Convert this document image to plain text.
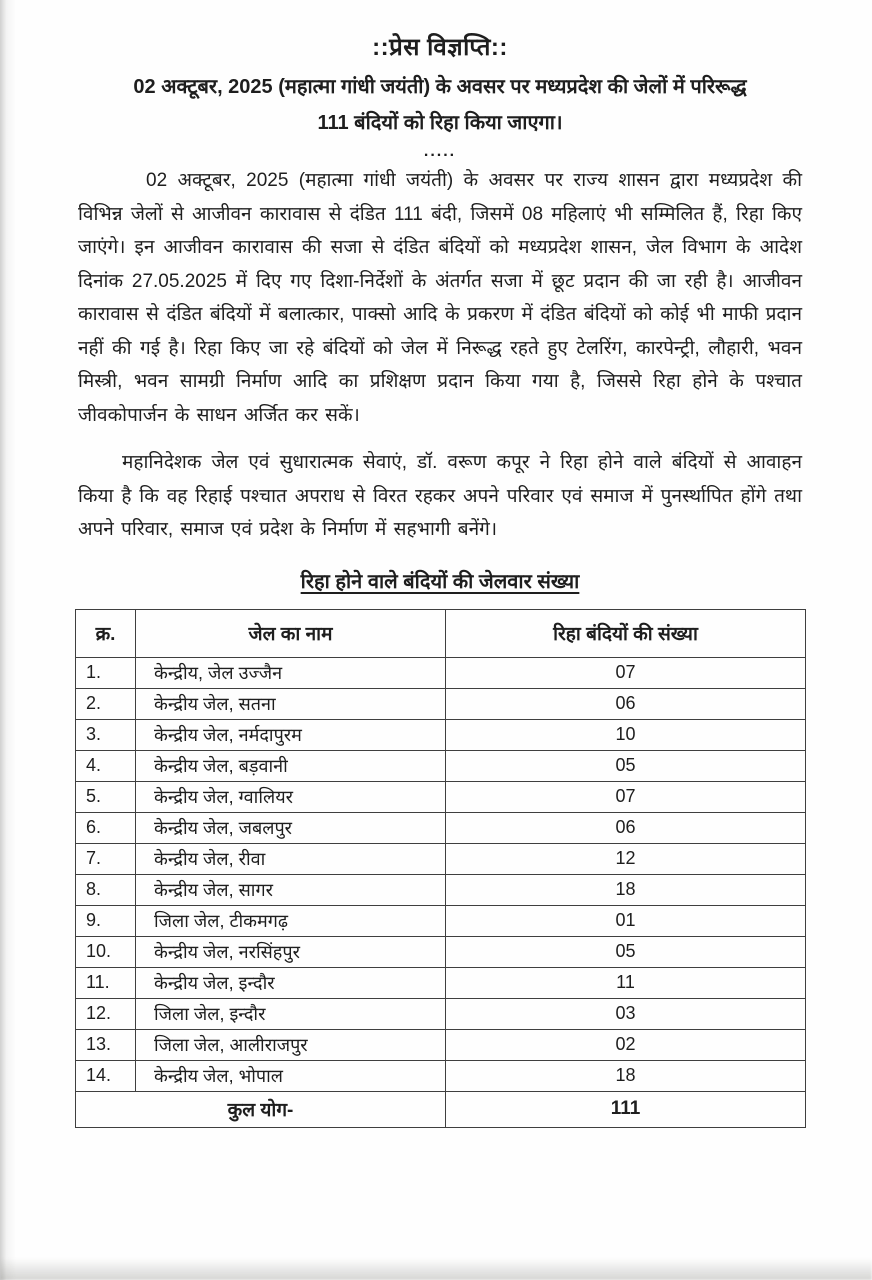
::प्रेस विज्ञप्ति::
02 अक्टूबर, 2025 (महात्मा गांधी जयंती) के अवसर पर मध्यप्रदेश की जेलों में परिरूद्ध
111 बंदियों को रिहा किया जाएगा।
.....

02 अक्टूबर, 2025 (महात्मा गांधी जयंती) के अवसर पर राज्य शासन द्वारा मध्यप्रदेश की विभिन्न जेलों से आजीवन कारावास से दंडित 111 बंदी, जिसमें 08 महिलाएं भी सम्मिलित हैं, रिहा किए जाएंगे। इन आजीवन कारावास की सजा से दंडित बंदियों को मध्यप्रदेश शासन, जेल विभाग के आदेश दिनांक 27.05.2025 में दिए गए दिशा-निर्देशों के अंतर्गत सजा में छूट प्रदान की जा रही है। आजीवन कारावास से दंडित बंदियों में बलात्कार, पाक्सो आदि के प्रकरण में दंडित बंदियों को कोई भी माफी प्रदान नहीं की गई है। रिहा किए जा रहे बंदियों को जेल में निरूद्ध रहते हुए टेलरिंग, कारपेन्ट्री, लौहारी, भवन मिस्त्री, भवन सामग्री निर्माण आदि का प्रशिक्षण प्रदान किया गया है, जिससे रिहा होने के पश्चात जीवकोपार्जन के साधन अर्जित कर सकें।

महानिदेशक जेल एवं सुधारात्मक सेवाएं, डॉ. वरूण कपूर ने रिहा होने वाले बंदियों से आवाहन किया है कि वह रिहाई पश्चात अपराध से विरत रहकर अपने परिवार एवं समाज में पुनर्स्थापित होंगे तथा अपने परिवार, समाज एवं प्रदेश के निर्माण में सहभागी बनेंगे।

रिहा होने वाले बंदियों की जेलवार संख्या
क्र.	जेल का नाम	रिहा बंदियों की संख्या
1.	केन्द्रीय, जेल उज्जैन	07
2.	केन्द्रीय जेल, सतना	06
3.	केन्द्रीय जेल, नर्मदापुरम	10
4.	केन्द्रीय जेल, बड़वानी	05
5.	केन्द्रीय जेल, ग्वालियर	07
6.	केन्द्रीय जेल, जबलपुर	06
7.	केन्द्रीय जेल, रीवा	12
8.	केन्द्रीय जेल, सागर	18
9.	जिला जेल, टीकमगढ़	01
10.	केन्द्रीय जेल, नरसिंहपुर	05
11.	केन्द्रीय जेल, इन्दौर	11
12.	जिला जेल, इन्दौर	03
13.	जिला जेल, आलीराजपुर	02
14.	केन्द्रीय जेल, भोपाल	18
कुल योग-		111
